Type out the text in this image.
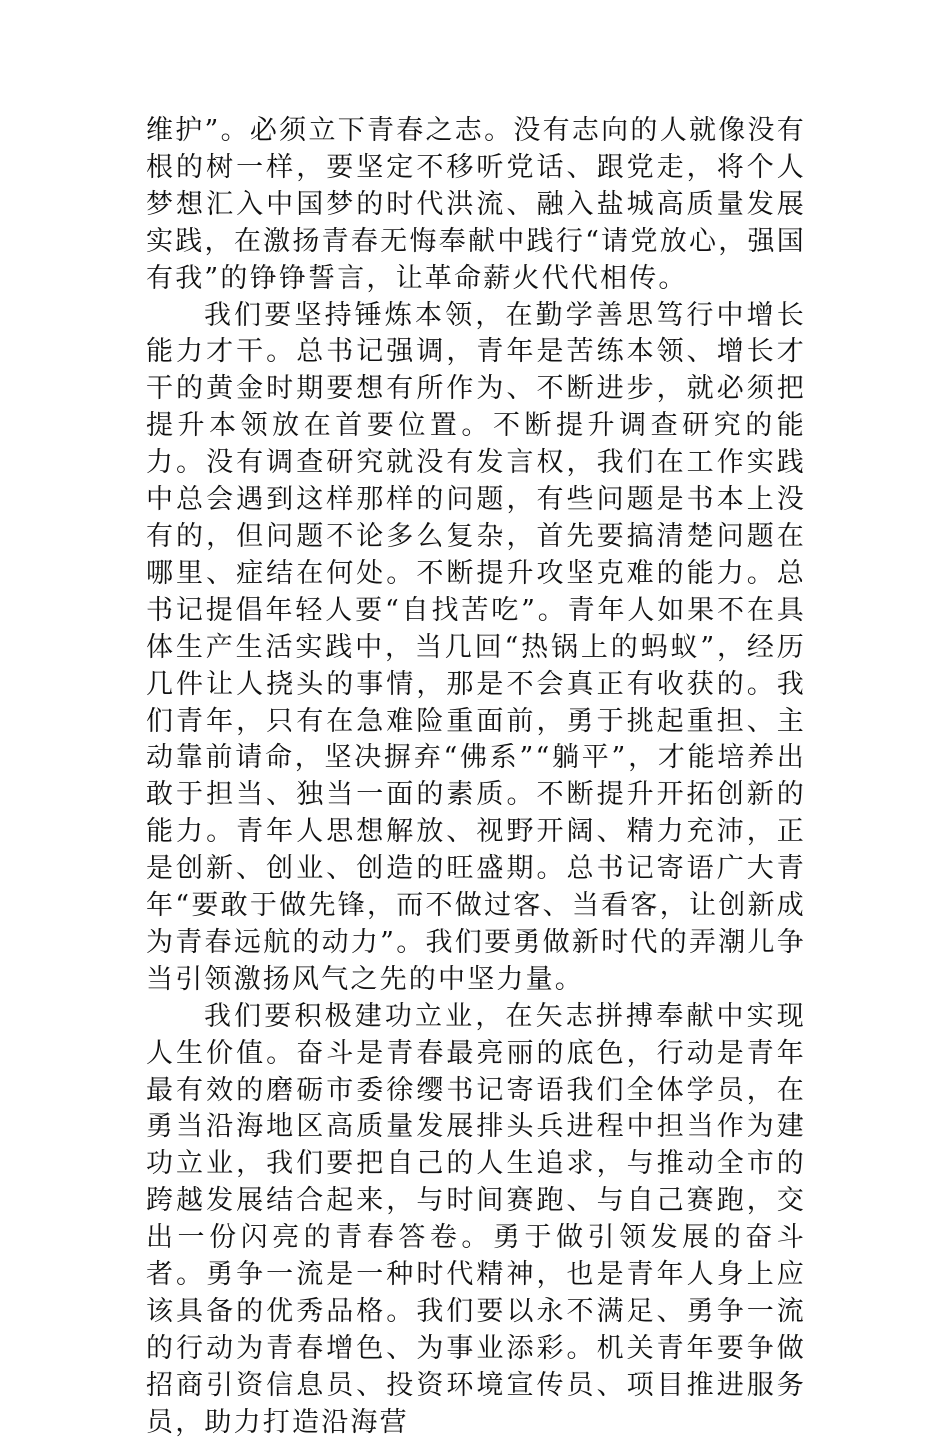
维护”。必须立下青春之志。没有志向的人就像没有根的树一样，要坚定不移听党话、跟党走，将个人梦想汇入中国梦的时代洪流、融入盐城高质量发展实践，在激扬青春无悔奉献中践行“请党放心，强国有我”的铮铮誓言，让革命薪火代代相传。

我们要坚持锤炼本领，在勤学善思笃行中增长能力才干。总书记强调，青年是苦练本领、增长才干的黄金时期要想有所作为、不断进步，就必须把提升本领放在首要位置。不断提升调查研究的能力。没有调查研究就没有发言权，我们在工作实践中总会遇到这样那样的问题，有些问题是书本上没有的，但问题不论多么复杂，首先要搞清楚问题在哪里、症结在何处。不断提升攻坚克难的能力。总书记提倡年轻人要“自找苦吃”。青年人如果不在具体生产生活实践中，当几回“热锅上的蚂蚁”，经历几件让人挠头的事情，那是不会真正有收获的。我们青年，只有在急难险重面前，勇于挑起重担、主动靠前请命，坚决摒弃“佛系”“躺平”，才能培养出敢于担当、独当一面的素质。不断提升开拓创新的能力。青年人思想解放、视野开阔、精力充沛，正是创新、创业、创造的旺盛期。总书记寄语广大青年“要敢于做先锋，而不做过客、当看客，让创新成为青春远航的动力”。我们要勇做新时代的弄潮儿争当引领激扬风气之先的中坚力量。

我们要积极建功立业，在矢志拼搏奉献中实现人生价值。奋斗是青春最亮丽的底色，行动是青年最有效的磨砺市委徐缨书记寄语我们全体学员，在勇当沿海地区高质量发展排头兵进程中担当作为建功立业，我们要把自己的人生追求，与推动全市的跨越发展结合起来，与时间赛跑、与自己赛跑，交出一份闪亮的青春答卷。勇于做引领发展的奋斗者。勇争一流是一种时代精神，也是青年人身上应该具备的优秀品格。我们要以永不满足、勇争一流的行动为青春增色、为事业添彩。机关青年要争做招商引资信息员、投资环境宣传员、项目推进服务员，助力打造沿海营
